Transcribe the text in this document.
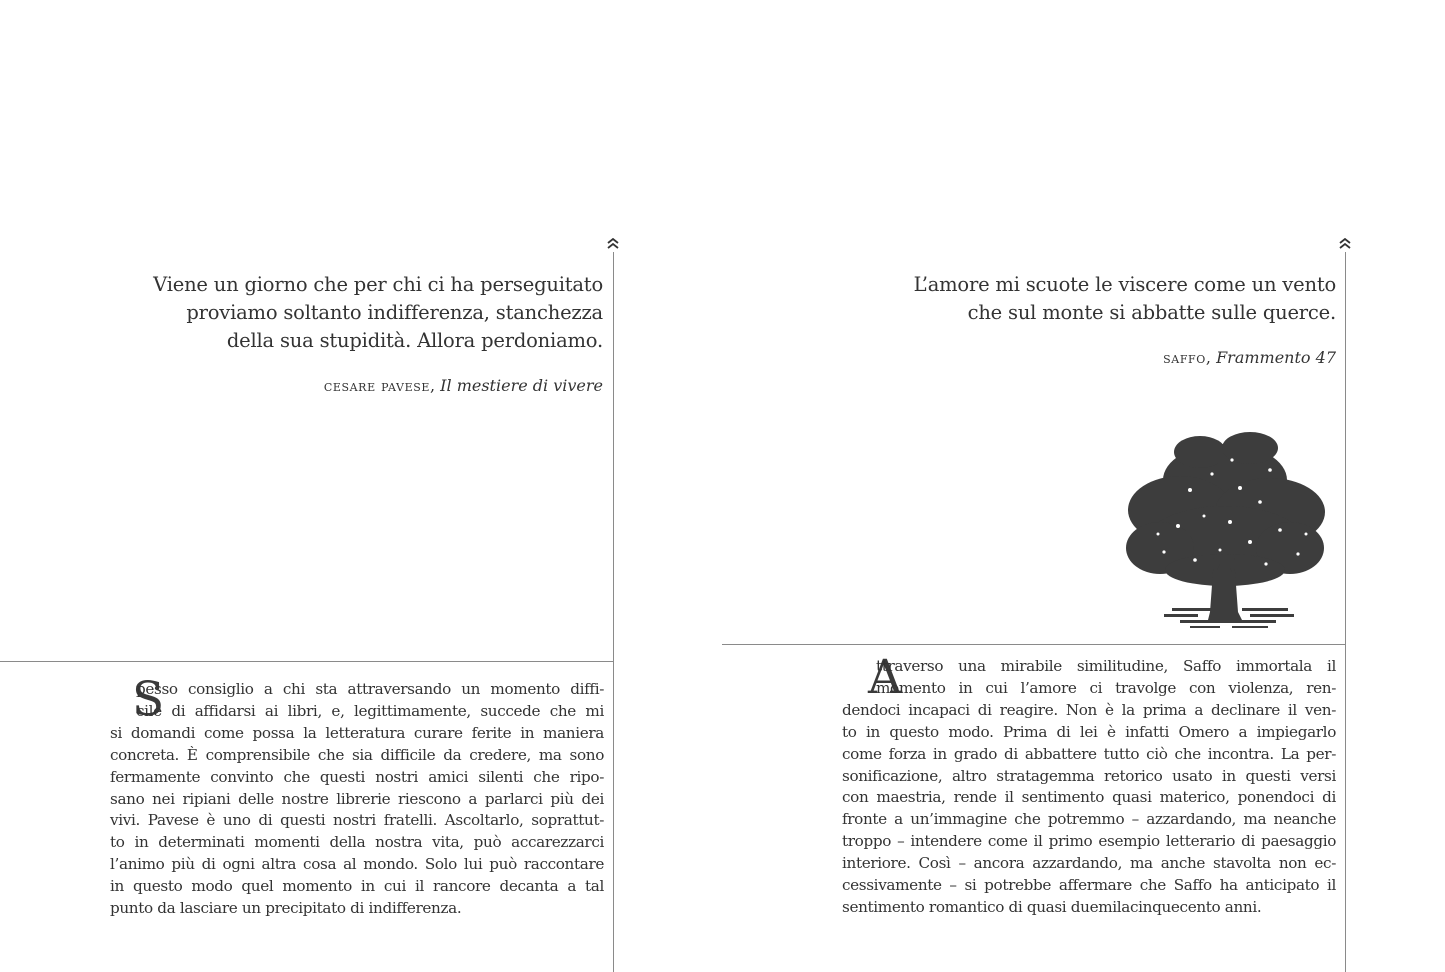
Viene un giorno che per chi ci ha perseguitato
proviamo soltanto indifferenza, stanchezza
della sua stupidità. Allora perdoniamo.
cesare pavese, Il mestiere di vivere
S
pesso consiglio a chi sta attraversando un momento diffi-
cile di affidarsi ai libri, e, legittimamente, succede che mi
si domandi come possa la letteratura curare ferite in maniera
concreta. È comprensibile che sia difficile da credere, ma sono
fermamente convinto che questi nostri amici silenti che ripo-
sano nei ripiani delle nostre librerie riescono a parlarci più dei
vivi. Pavese è uno di questi nostri fratelli. Ascoltarlo, soprattut-
to in determinati momenti della nostra vita, può accarezzarci
l’animo più di ogni altra cosa al mondo. Solo lui può raccontare
in questo modo quel momento in cui il rancore decanta a tal
punto da lasciare un precipitato di indifferenza.
L’amore mi scuote le viscere come un vento
che sul monte si abbatte sulle querce.
saffo, Frammento 47
A
ttraverso una mirabile similitudine, Saffo immortala il
momento in cui l’amore ci travolge con violenza, ren-
dendoci incapaci di reagire. Non è la prima a declinare il ven-
to in questo modo. Prima di lei è infatti Omero a impiegarlo
come forza in grado di abbattere tutto ciò che incontra. La per-
sonificazione, altro stratagemma retorico usato in questi versi
con maestria, rende il sentimento quasi materico, ponendoci di
fronte a un’immagine che potremmo – azzardando, ma neanche
troppo – intendere come il primo esempio letterario di paesaggio
interiore. Così – ancora azzardando, ma anche stavolta non ec-
cessivamente – si potrebbe affermare che Saffo ha anticipato il
sentimento romantico di quasi duemilacinquecento anni.
